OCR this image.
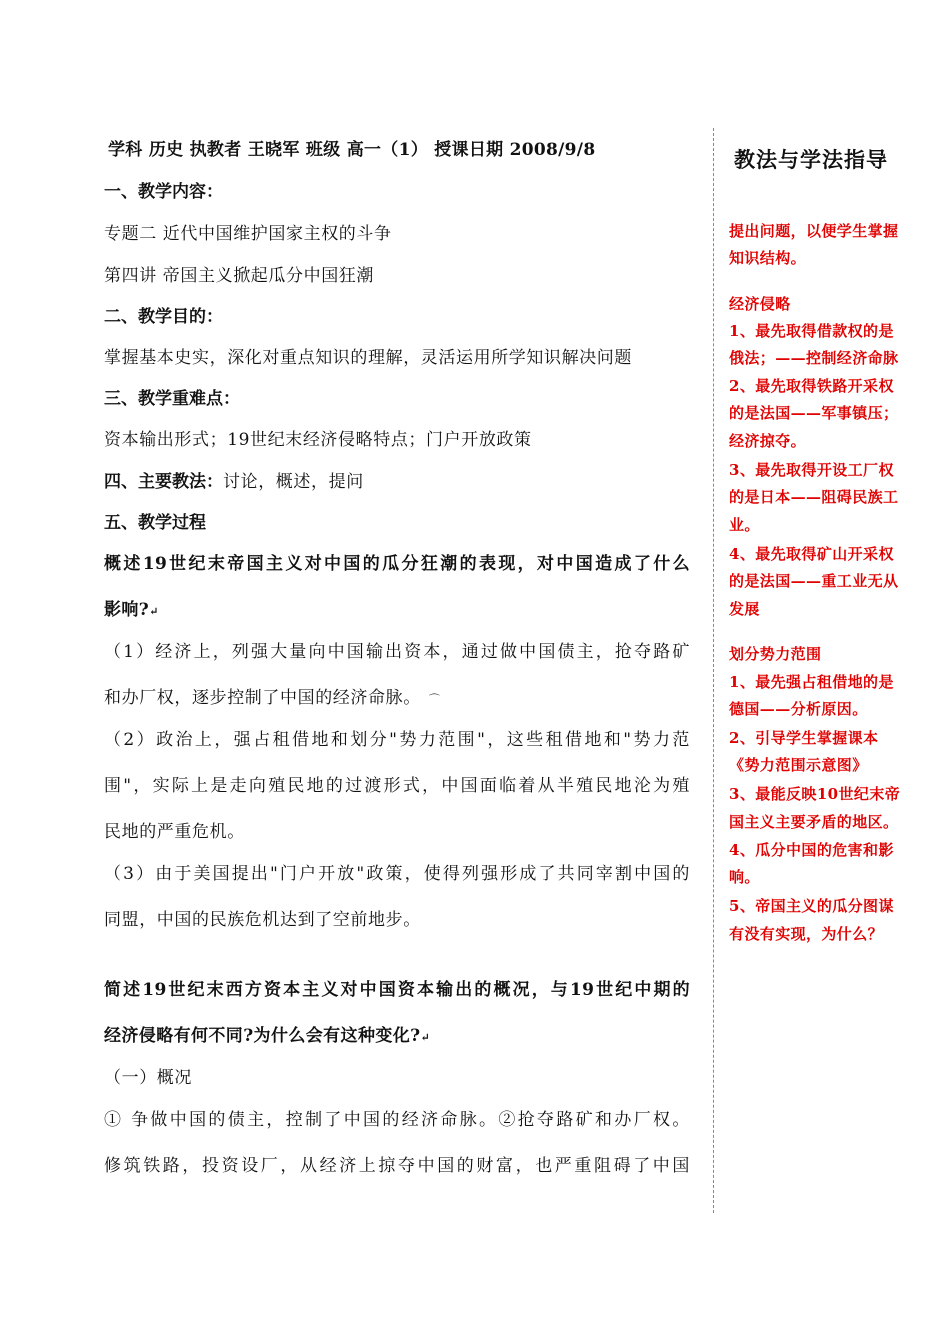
学科 历史 执教者 王晓军 班级 高一（1） 授课日期 2008/9/8
一、教学内容：
专题二 近代中国维护国家主权的斗争
第四讲 帝国主义掀起瓜分中国狂潮
二、教学目的：
掌握基本史实，深化对重点知识的理解，灵活运用所学知识解决问题
三、教学重难点：
资本输出形式；19世纪末经济侵略特点；门户开放政策
四、主要教法：讨论，概述，提问
五、教学过程
概述19世纪末帝国主义对中国的瓜分狂潮的表现，对中国造成了什么
影响?↵
（1）经济上，列强大量向中国输出资本，通过做中国债主，抢夺路矿
和办厂权，逐步控制了中国的经济命脉。 ⌒
（2）政治上，强占租借地和划分"势力范围"，这些租借地和"势力范
围"，实际上是走向殖民地的过渡形式，中国面临着从半殖民地沦为殖
民地的严重危机。
（3）由于美国提出"门户开放"政策，使得列强形成了共同宰割中国的
同盟，中国的民族危机达到了空前地步。
简述19世纪末西方资本主义对中国资本输出的概况，与19世纪中期的
经济侵略有何不同?为什么会有这种变化?↵
（一）概况
① 争做中国的债主，控制了中国的经济命脉。②抢夺路矿和办厂权。
修筑铁路，投资设厂，从经济上掠夺中国的财富，也严重阻碍了中国
教法与学法指导
提出问题，以便学生掌握
知识结构。
经济侵略
1、最先取得借款权的是
俄法；——控制经济命脉
2、最先取得铁路开采权
的是法国——军事镇压；
经济掠夺。
3、最先取得开设工厂权
的是日本——阻碍民族工
业。
4、最先取得矿山开采权
的是法国——重工业无从
发展
划分势力范围
1、最先强占租借地的是
德国——分析原因。
2、引导学生掌握课本
《势力范围示意图》
3、最能反映10世纪末帝
国主义主要矛盾的地区。
4、瓜分中国的危害和影
响。
5、帝国主义的瓜分图谋
有没有实现，为什么？
